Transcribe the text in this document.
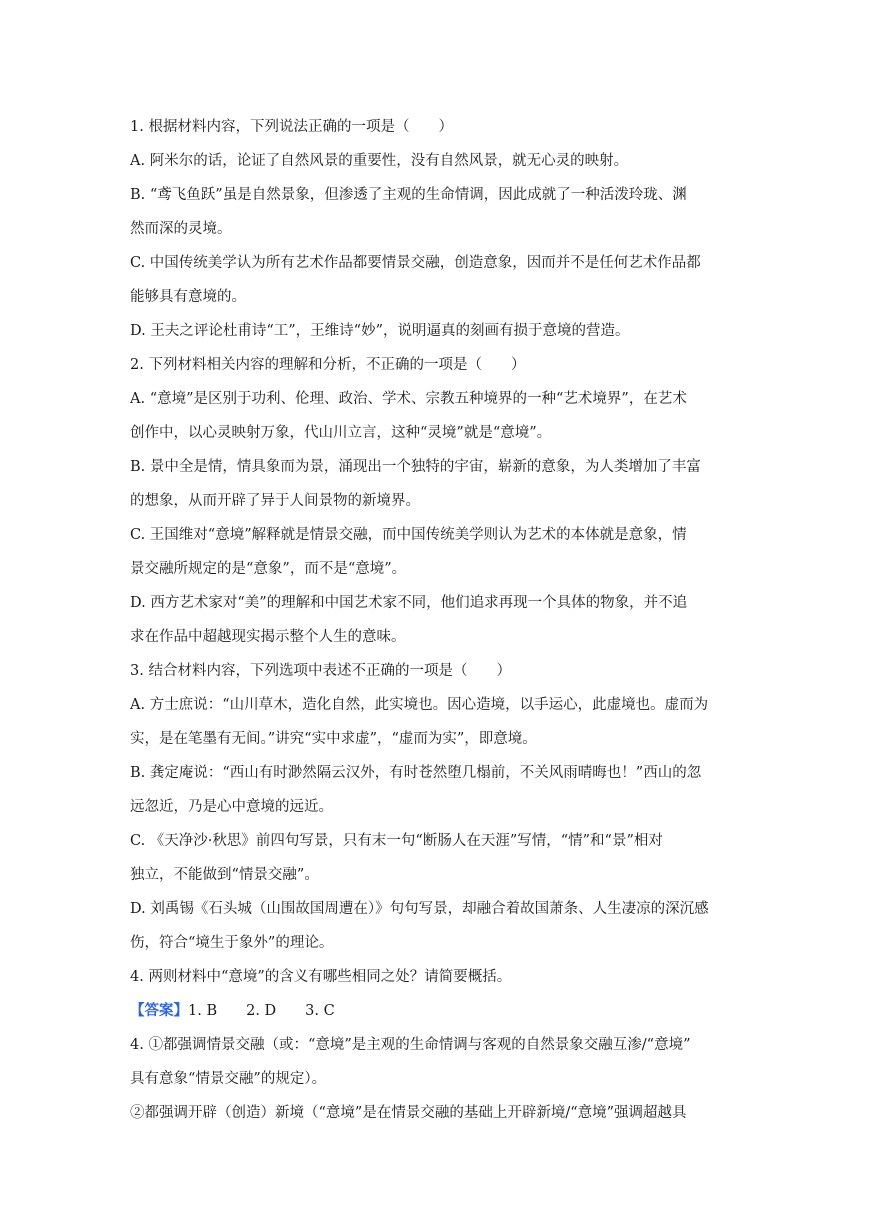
1. 根据材料内容，下列说法正确的一项是（　　）
A. 阿米尔的话，论证了自然风景的重要性，没有自然风景，就无心灵的映射。
B. “鸢飞鱼跃”虽是自然景象，但渗透了主观的生命情调，因此成就了一种活泼玲珑、渊
然而深的灵境。
C. 中国传统美学认为所有艺术作品都要情景交融，创造意象，因而并不是任何艺术作品都
能够具有意境的。
D. 王夫之评论杜甫诗“工”，王维诗“妙”，说明逼真的刻画有损于意境的营造。
2. 下列材料相关内容的理解和分析，不正确的一项是（　　）
A. “意境”是区别于功利、伦理、政治、学术、宗教五种境界的一种“艺术境界”，在艺术
创作中，以心灵映射万象，代山川立言，这种“灵境”就是“意境”。
B. 景中全是情，情具象而为景，涌现出一个独特的宇宙，崭新的意象，为人类增加了丰富
的想象，从而开辟了异于人间景物的新境界。
C. 王国维对“意境”解释就是情景交融，而中国传统美学则认为艺术的本体就是意象，情
景交融所规定的是“意象”，而不是“意境”。
D. 西方艺术家对“美”的理解和中国艺术家不同，他们追求再现一个具体的物象，并不追
求在作品中超越现实揭示整个人生的意味。
3. 结合材料内容，下列选项中表述不正确的一项是（　　）
A. 方士庶说：“山川草木，造化自然，此实境也。因心造境，以手运心，此虚境也。虚而为
实，是在笔墨有无间。”讲究“实中求虚”，“虚而为实”，即意境。
B. 龚定庵说：“西山有时渺然隔云汉外，有时苍然堕几榻前，不关风雨晴晦也！”西山的忽
远忽近，乃是心中意境的远近。
C. 《天净沙·秋思》前四句写景，只有末一句“断肠人在天涯”写情，“情”和“景”相对
独立，不能做到“情景交融”。
D. 刘禹锡《石头城（山围故国周遭在）》句句写景，却融合着故国萧条、人生凄凉的深沉感
伤，符合“境生于象外”的理论。
4. 两则材料中“意境”的含义有哪些相同之处？请简要概括。
【答案】1. B　　2. D　　3. C
4. ①都强调情景交融（或：“意境”是主观的生命情调与客观的自然景象交融互渗/“意境”
具有意象“情景交融”的规定）。
②都强调开辟（创造）新境（“意境”是在情景交融的基础上开辟新境/“意境”强调超越具
